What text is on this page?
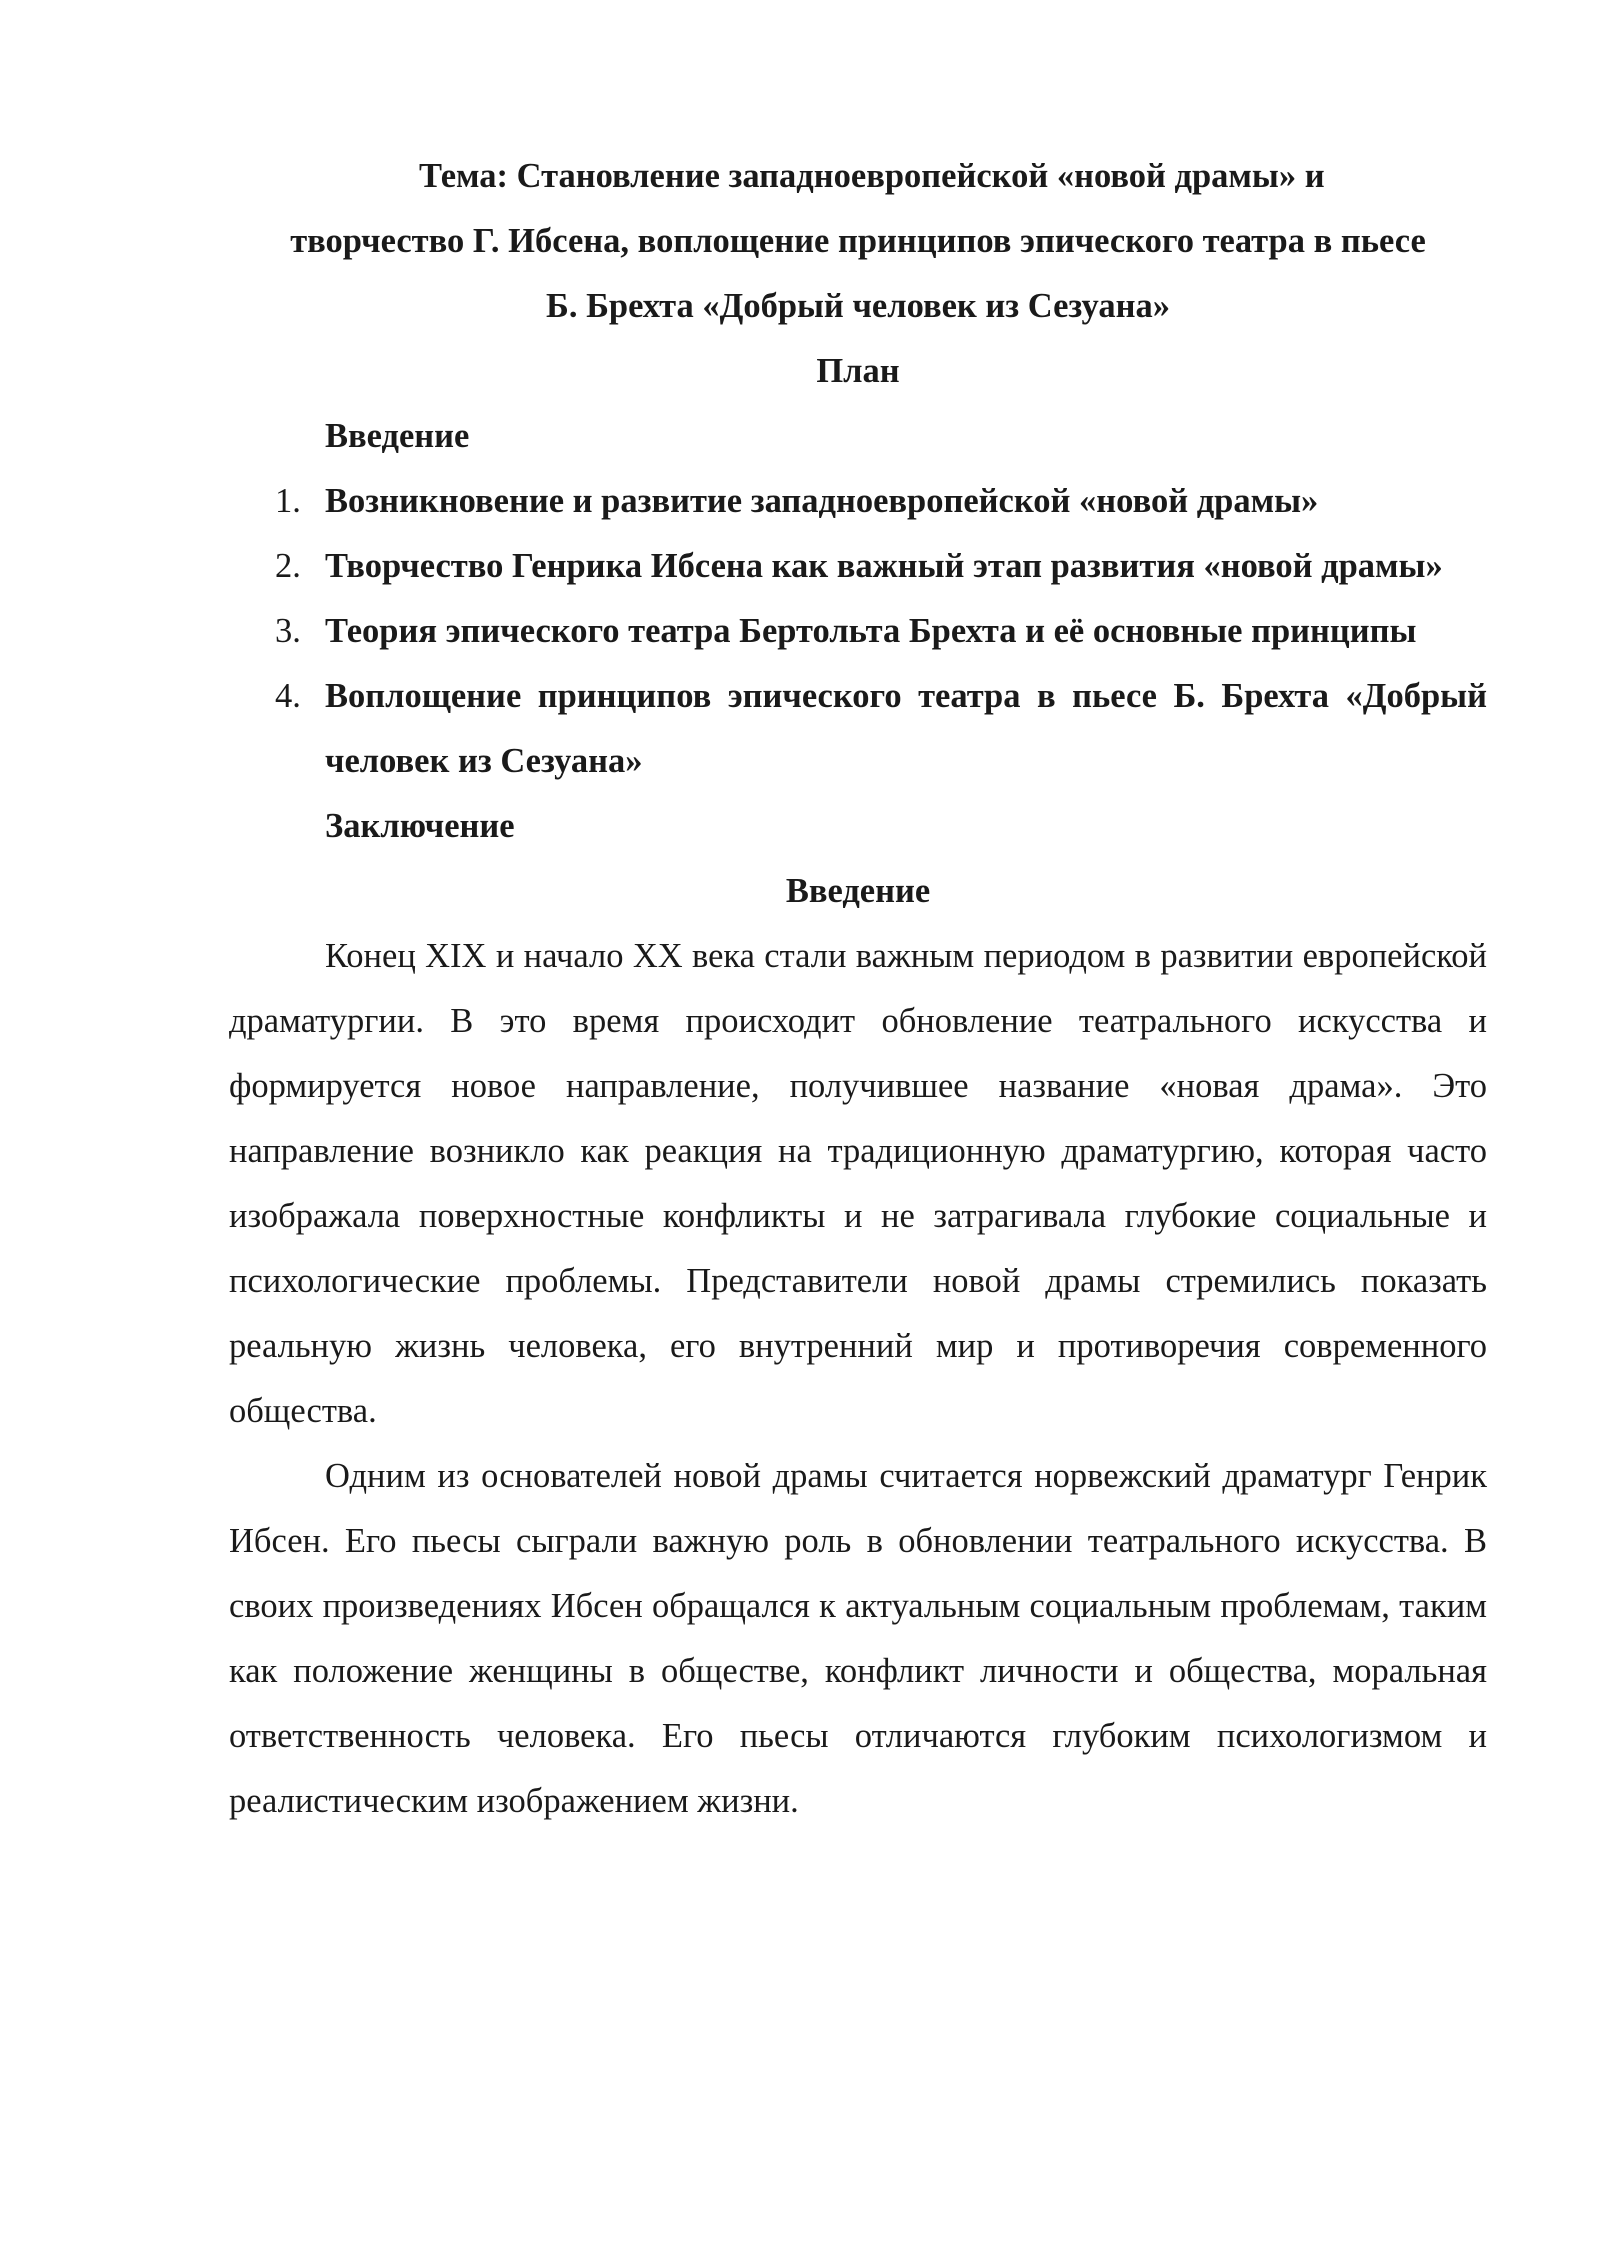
Тема: Становление западноевропейской «новой драмы» и
творчество Г. Ибсена, воплощение принципов эпического театра в пьесе
Б. Брехта «Добрый человек из Сезуана»
План
Введение
1. Возникновение и развитие западноевропейской «новой драмы»
2. Творчество Генрика Ибсена как важный этап развития «новой драмы»
3. Теория эпического театра Бертольта Брехта и её основные принципы
4. Воплощение принципов эпического театра в пьесе Б. Брехта «Добрый человек из Сезуана»
Заключение
Введение

Конец XIX и начало XX века стали важным периодом в развитии европейской драматургии. В это время происходит обновление театрального искусства и формируется новое направление, получившее название «новая драма». Это направление возникло как реакция на традиционную драматургию, которая часто изображала поверхностные конфликты и не затрагивала глубокие социальные и психологические проблемы. Представители новой драмы стремились показать реальную жизнь человека, его внутренний мир и противоречия современного общества.

Одним из основателей новой драмы считается норвежский драматург Генрик Ибсен. Его пьесы сыграли важную роль в обновлении театрального искусства. В своих произведениях Ибсен обращался к актуальным социальным проблемам, таким как положение женщины в обществе, конфликт личности и общества, моральная ответственность человека. Его пьесы отличаются глубоким психологизмом и реалистическим изображением жизни.
